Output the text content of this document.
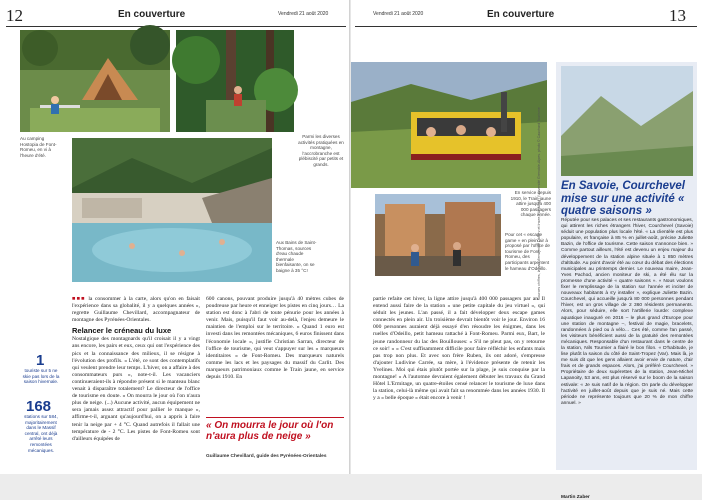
12	En couverture	Vendredi 21 août 2020
Au camping Hostopia de Font-Romeu, en vi à l'heure d'été.
Parmi les diverses activités pratiquées en montagne, l'accrobranche est plébiscité par petits et grands.
Aux Bains de Saint-Thomas, sources d'eau chaude thermale bienfaisante, on se baigne à 35 °C!
1
touriste sur 5 ne skie pas lors de la saison hivernale.
168
stations sur 584, majoritairement dans le Massif central, ont déjà arrêté leurs remontées mécaniques.
■■■ la consommer à la carte, alors qu'on en faisait l'expérience dans sa globalité, il y a quelques années », regrette Guillaume Chevillard, accompagnateur de montagne des Pyrénées-Orientales.
Relancer le créneau du luxe
Nostalgique des montagnards qu'il croisait il y a vingt ans encore, les pairs et eux, ceux qui ont l'expérience des pics et la connaissance des milieux, il se résigne à l'évolution des profils. « L'été, ce sont des contemplatifs qui veulent prendre leur temps. L'hiver, on a affaire à des consommateurs purs », note-t-il. Les vacanciers continueraient-ils à répondre présent si le manteau blanc venait à disparaître totalement? Le directeur de l'office de tourisme en doute. « On mourra le jour où l'on n'aura plus de neige. (...) Aucune activité, aucun équipement ne sera jamais assez attractif pour pallier le manque », affirme-t-il, arguant qu'aujourd'hui, on a appris à faire tenir la neige par + 4 °C. Quand autrefois il fallait une température de - 2 °C. Les pistes de Font-Romeu sont d'ailleurs équipées de
600 canons, pouvant produire jusqu'à 40 mètres cubes de poudreuse par heure et enneiger les pistes en cinq jours… La station est donc à l'abri de toute pénurie pour les années à venir. Mais, puisqu'il faut voir au-delà, l'enjeu demeure le maintien de l'emploi sur le territoire. « Quand 1 euro est investi dans les remontées mécaniques, 6 euros finissent dans l'économie locale », justifie Christian Sarran, directeur de l'office de tourisme, qui veut s'appuyer sur les « marqueurs identitaires » de Font-Romeu. Des marqueurs naturels comme les lacs et les paysages du massif du Carlit. Des marqueurs patrimoniaux comme le Train jaune, en service depuis 1910. En
« On mourra le jour où l'on n'aura plus de neige »
Guillaume Chevillard, guide des Pyrénées-Orientales
Vendredi 21 août 2020	En couverture	13
En service depuis 1910, le Train jaune attire jusqu'à 400 000 passagers chaque année.
Pour cet « escape game » en plein air à proposé par l'office de tourisme de Font-Romeu, des participants arpentent le hameau d'Odeillo.
Sources chiffres, la part d'ensemble Observ et Insee, l'ANMSM / l'université Grenoble-Alpes. photo © Cauchard Tourisme
partie refaite cet hiver, la ligne attire jusqu'à 400 000 passagers par an. Il entend aussi faire de la station « une petite capitale du jeu virtuel », qui séduit les jeunes. L'an passé, il a fait développer deux escape games connectés en plein air. Un troisième devrait bientôt voir le jour. Environ 16 000 personnes auraient déjà essayé d'en résoudre les énigmes, dans les ruelles d'Odeillo, petit hameau rattaché à Font-Romeu. Parmi eux, Bart, le jeune randonneur du lac des Bouillouses: « S'il ne pleut pas, on y retourne ce soir! » « C'est suffisamment difficile pour faire réfléchir les enfants mais pas trop non plus. Et avec son frère Ruben, ils ont adoré, s'empresse d'ajouter Ludivine Carrée, sa mère, à l'évidence présente de retenir les Yvelines. Moi qui étais plutôt portée sur la plage, je suis conquise par la montagne! » A l'automne devraient également débuter les travaux du Grand Hôtel L'Ermitage, un quatre-étoiles censé relancer le tourisme de luxe dans la station, celui-là même qui avait fait sa renommée dans les années 1930. Il y a « belle époque » était encore à venir !
En Savoie, Courchevel mise sur une activité « quatre saisons »
Réputée pour ses palaces et ses restaurants gastronomiques, qui attirent les riches étrangers l'hiver, Courchevel (Savoie) séduit une population plus locale l'été. « La clientèle est plus populaire, et française à 85 % en juillet-août, précise Juliette Bazin, de l'office de tourisme. Cette saison s'annonce bien. » Comme partout ailleurs, l'été est devenu un enjeu majeur du développement de la station alpine située à 1 850 mètres d'altitude. Au point d'avoir été au cœur du débat des élections municipales au printemps dernier. Le nouveau maire, Jean-Yves Pachod, ancien moniteur de ski, a été élu sur la promesse d'une activité « quatre saisons ». « Nous voulons fixer le remplissage de la station sur l'année et inciter de nouveaux habitants à s'y installer », explique Juliette Bazin. Courchevel, qui accueille jusqu'à 80 000 personnes pendant l'hiver, est un gros village de 2 360 résidents permanents. Alors, pour séduire, elle sort l'artillerie lourde: complexe aquatique inauguré en 2016 – le plus grand d'Europe pour une station de montagne –, festival de magie, bracelets, randonnées à pied ou à vélo… Ces été, comme l'an passé, les visiteurs bénéficient aussi de la gratuité des remontées mécaniques. Responsable d'un restaurant dans le centre de la station, Nils Tournier a flairé le bon filon. « D'habitude, je lise plutôt la saison du côté de Saint-Tropez (Var). Mais là, je me suis dit que les gens allaient avoir envie de nature, d'air frais et de grands espaces. Alors, j'ai préféré Courchevel. » Propriétaire de deux supérettes de la station, Jean-Michel Lapanoity, 53 ans, est plus réservé sur le boom de la saison estivale: « Je suis natif de la région. On parle du développer l'activité en juillet-août depuis que je suis né. Mais cette période ne représente toujours que 20 % de mon chiffre annuel. »
Martin Zaber
